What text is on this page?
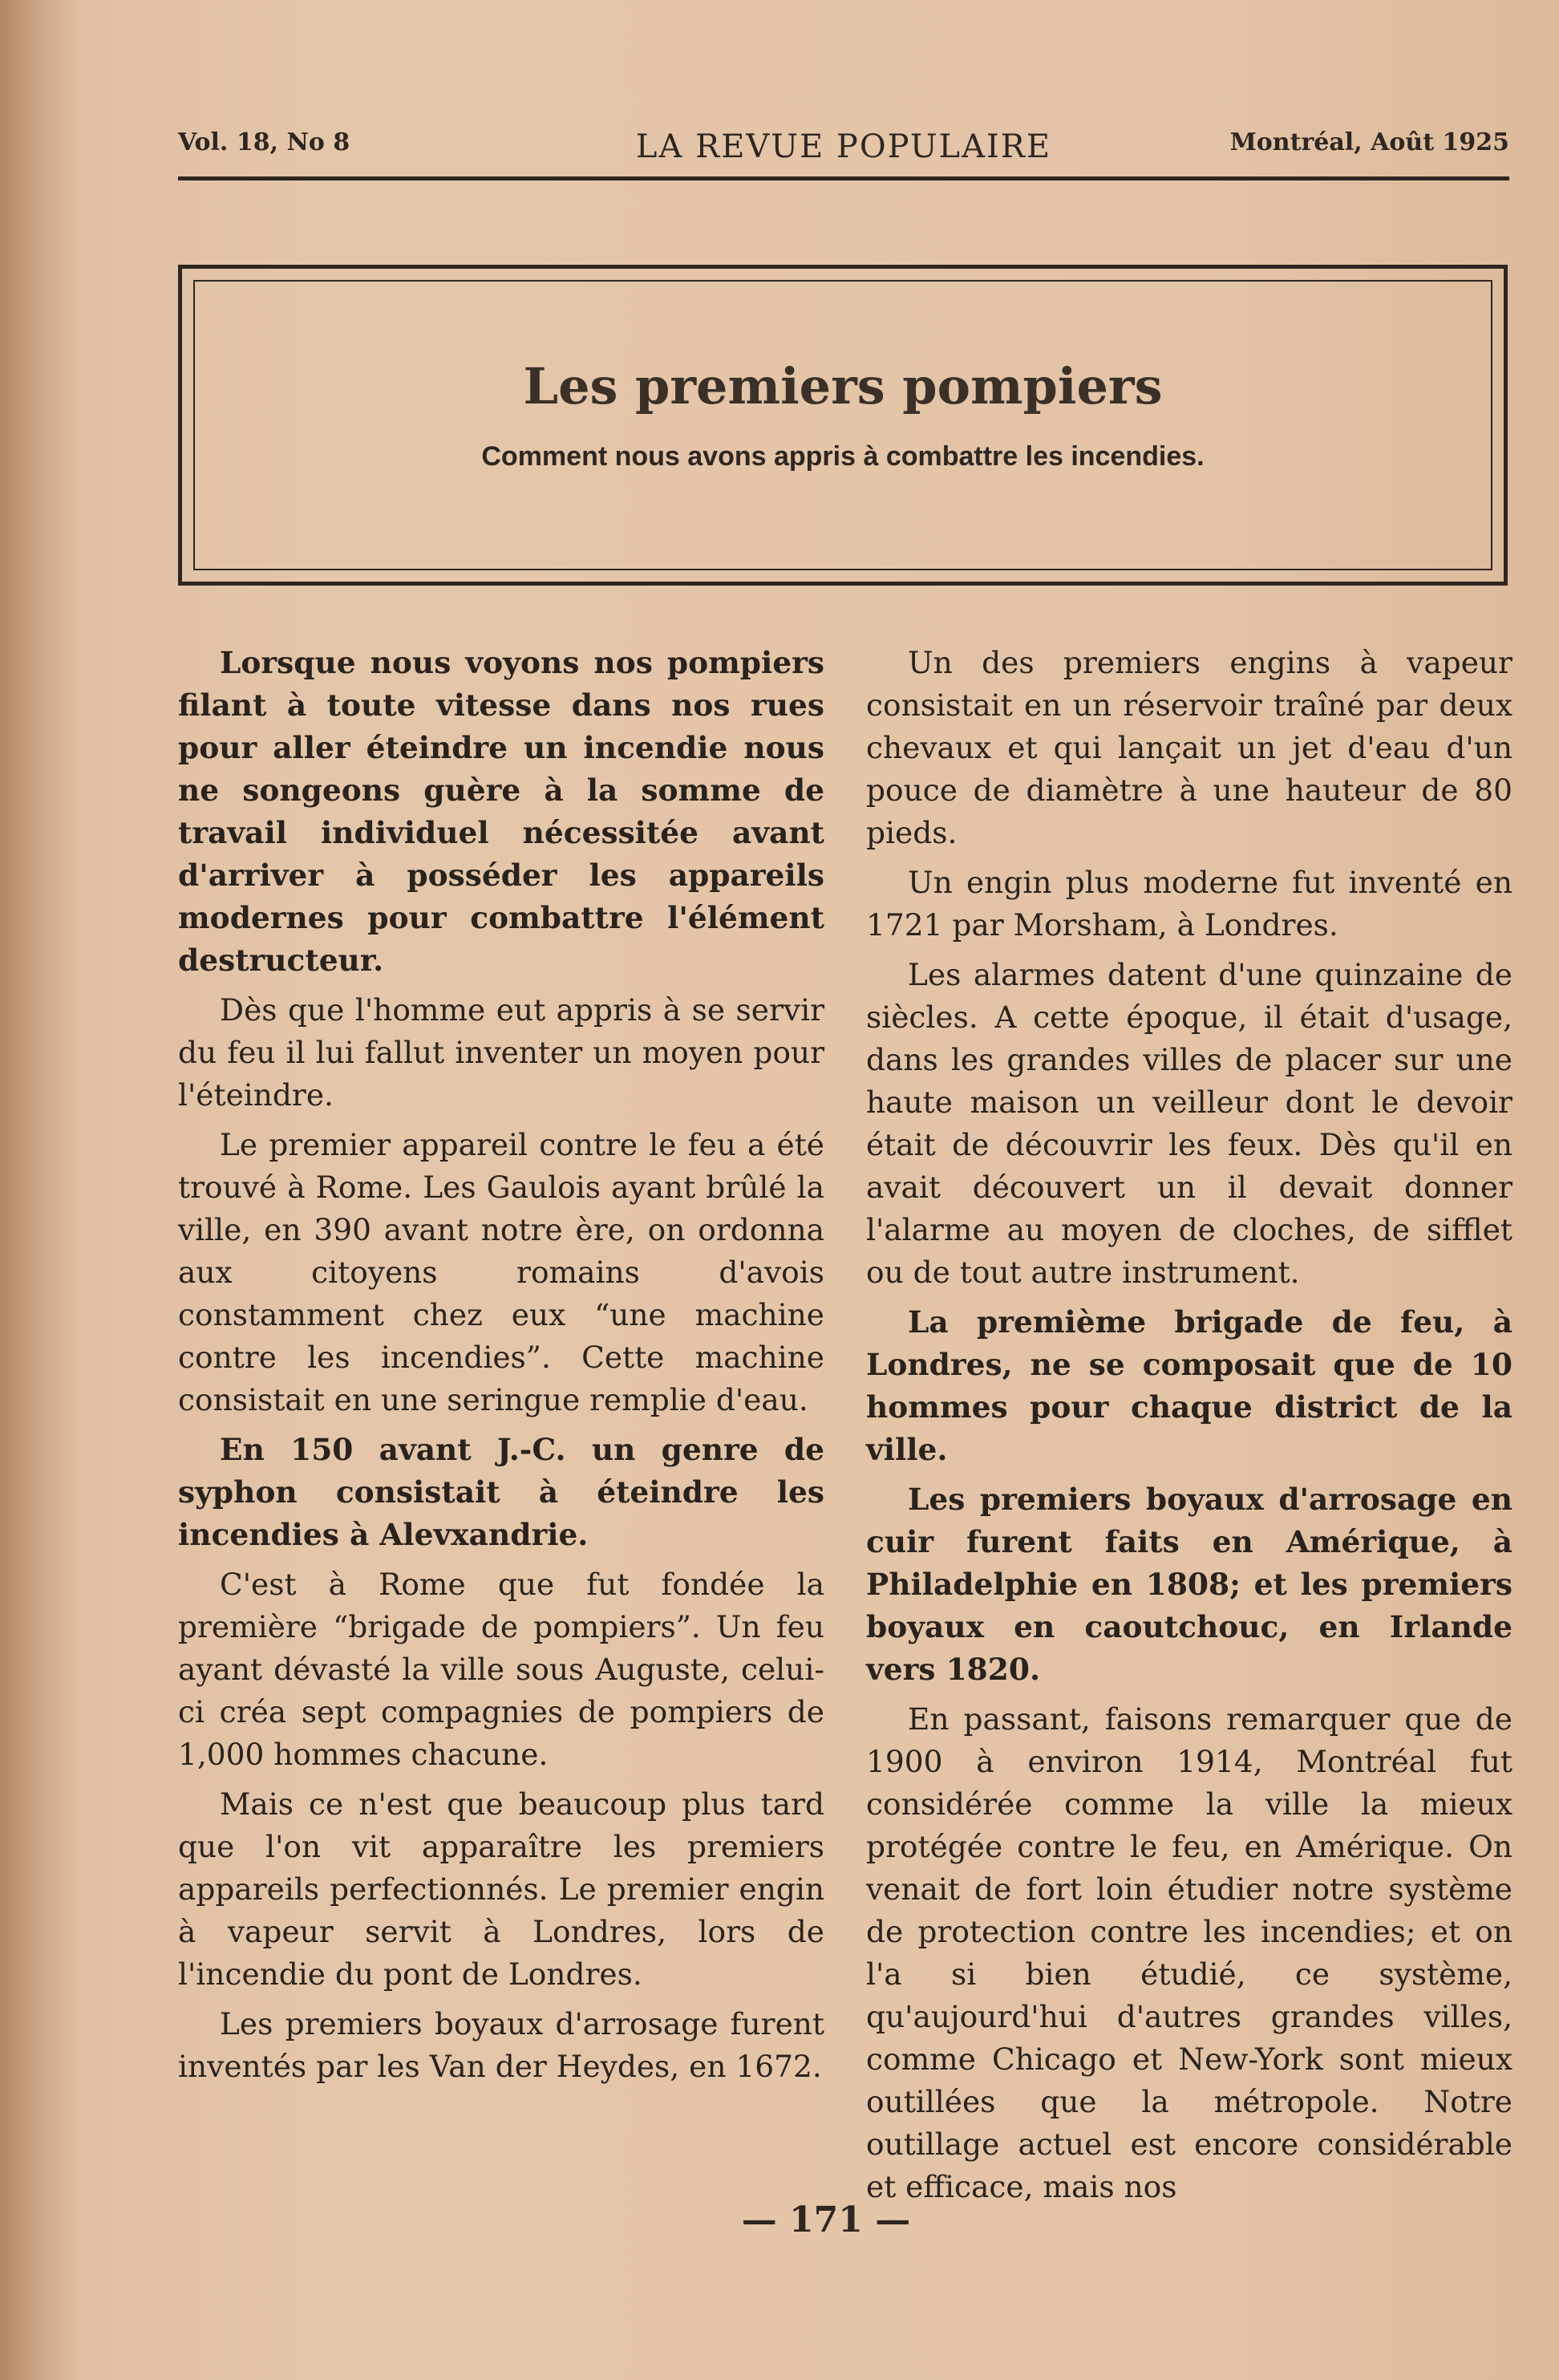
Vol. 18, No 8	LA REVUE POPULAIRE	Montréal, Août 1925
Les premiers pompiers
Comment nous avons appris à combattre les incendies.

Lorsque nous voyons nos pompiers filant à toute vitesse dans nos rues pour aller éteindre un incendie nous ne songeons guère à la somme de travail individuel nécessitée avant d'arriver à posséder les appareils modernes pour combattre l'élément destructeur.

Dès que l'homme eut appris à se servir du feu il lui fallut inventer un moyen pour l'éteindre.

Le premier appareil contre le feu a été trouvé à Rome. Les Gaulois ayant brûlé la ville, en 390 avant notre ère, on ordonna aux citoyens romains d'avois constamment chez eux “une machine contre les incendies”. Cette machine consistait en une seringue remplie d'eau.

En 150 avant J.-C. un genre de syphon consistait à éteindre les incendies à Alevxandrie.

C'est à Rome que fut fondée la première “brigade de pompiers”. Un feu ayant dévasté la ville sous Auguste, celui-ci créa sept compagnies de pompiers de 1,000 hommes chacune.

Mais ce n'est que beaucoup plus tard que l'on vit apparaître les premiers appareils perfectionnés. Le premier engin à vapeur servit à Londres, lors de l'incendie du pont de Londres.

Les premiers boyaux d'arrosage furent inventés par les Van der Heydes, en 1672.

Un des premiers engins à vapeur consistait en un réservoir traîné par deux chevaux et qui lançait un jet d'eau d'un pouce de diamètre à une hauteur de 80 pieds.

Un engin plus moderne fut inventé en 1721 par Morsham, à Londres.

Les alarmes datent d'une quinzaine de siècles. A cette époque, il était d'usage, dans les grandes villes de placer sur une haute maison un veilleur dont le devoir était de découvrir les feux. Dès qu'il en avait découvert un il devait donner l'alarme au moyen de cloches, de sifflet ou de tout autre instrument.

La premième brigade de feu, à Londres, ne se composait que de 10 hommes pour chaque district de la ville.

Les premiers boyaux d'arrosage en cuir furent faits en Amérique, à Philadelphie en 1808; et les premiers boyaux en caoutchouc, en Irlande vers 1820.

En passant, faisons remarquer que de 1900 à environ 1914, Montréal fut considérée comme la ville la mieux protégée contre le feu, en Amérique. On venait de fort loin étudier notre système de protection contre les incendies; et on l'a si bien étudié, ce système, qu'aujourd'hui d'autres grandes villes, comme Chicago et New-York sont mieux outillées que la métropole. Notre outillage actuel est encore considérable et efficace, mais nos

— 171 —
